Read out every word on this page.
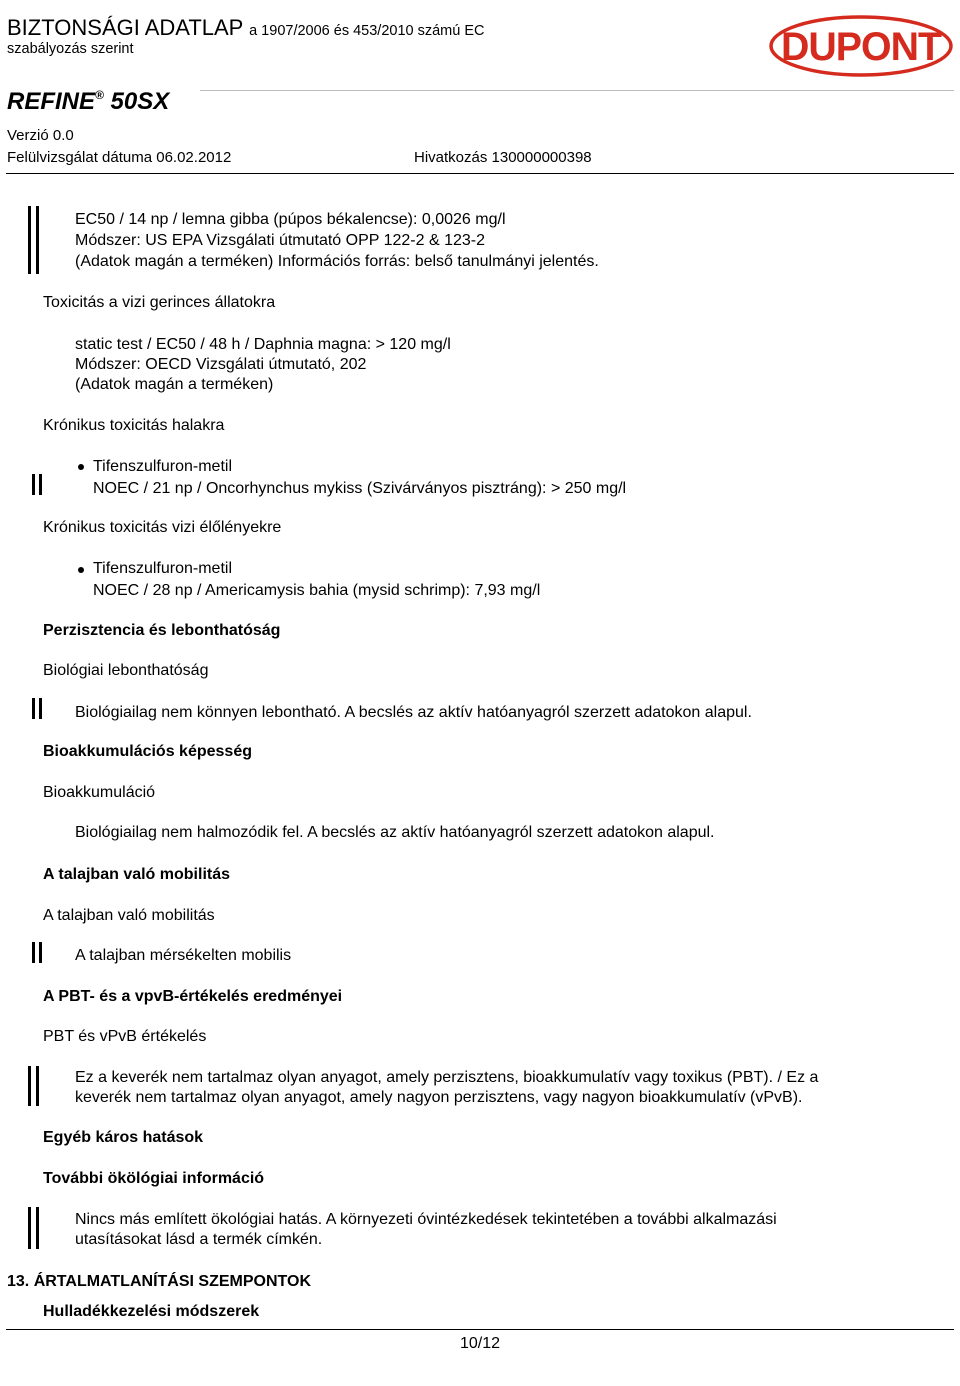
BIZTONSÁGI ADATLAP a 1907/2006 és 453/2010 számú EC
szabályozás szerint	DUPONT
REFINE® 50SX
Verzió 0.0
Felülvizsgálat dátuma 06.02.2012	Hivatkozás 130000000398
EC50 / 14 np / lemna gibba (púpos békalencse): 0,0026 mg/l
Módszer: US EPA Vizsgálati útmutató OPP 122-2 & 123-2
(Adatok magán a terméken) Információs forrás: belső tanulmányi jelentés.
Toxicitás a vizi gerinces állatokra
static test / EC50 / 48 h / Daphnia magna: > 120 mg/l
Módszer: OECD Vizsgálati útmutató, 202
(Adatok magán a terméken)
Krónikus toxicitás halakra
Tifenszulfuron-metil
NOEC / 21 np / Oncorhynchus mykiss (Szivárványos pisztráng): > 250 mg/l
Krónikus toxicitás vizi élőlényekre
Tifenszulfuron-metil
NOEC / 28 np / Americamysis bahia (mysid schrimp): 7,93 mg/l
Perzisztencia és lebonthatóság
Biológiai lebonthatóság
Biológiailag nem könnyen lebontható. A becslés az aktív hatóanyagról szerzett adatokon alapul.
Bioakkumulációs képesség
Bioakkumuláció
Biológiailag nem halmozódik fel. A becslés az aktív hatóanyagról szerzett adatokon alapul.
A talajban való mobilitás
A talajban való mobilitás
A talajban mérsékelten mobilis
A PBT- és a vpvB-értékelés eredményei
PBT és vPvB értékelés
Ez a keverék nem tartalmaz olyan anyagot, amely perzisztens, bioakkumulatív vagy toxikus (PBT). / Ez a
keverék nem tartalmaz olyan anyagot, amely nagyon perzisztens, vagy nagyon bioakkumulatív (vPvB).
Egyéb káros hatások
További ökölógiai információ
Nincs más említett ökológiai hatás. A környezeti óvintézkedések tekintetében a további alkalmazási
utasításokat lásd a termék címkén.
13. ÁRTALMATLANÍTÁSI SZEMPONTOK
Hulladékkezelési módszerek
10/12
